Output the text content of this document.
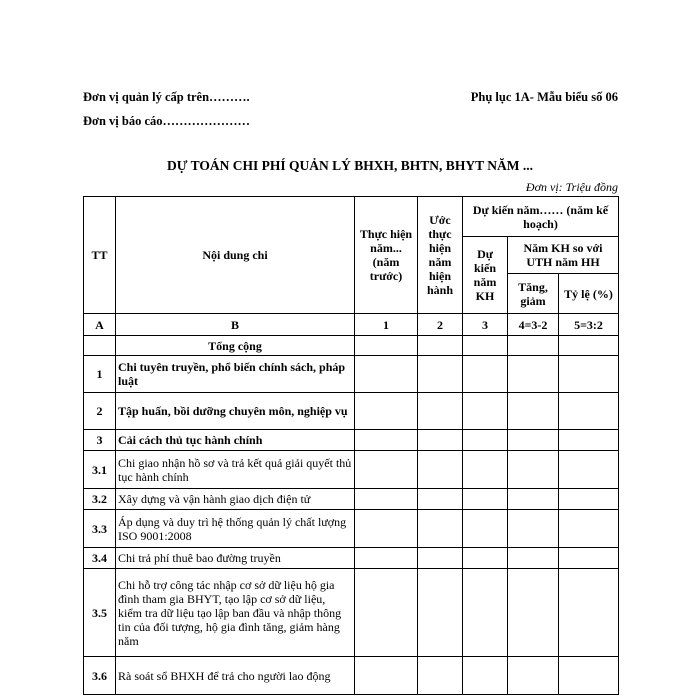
Đơn vị quản lý cấp trên……….
Đơn vị báo cáo…………………
Phụ lục 1A- Mẫu biểu số 06
DỰ TOÁN CHI PHÍ QUẢN LÝ BHXH, BHTN, BHYT NĂM ...
Đơn vị: Triệu đồng
TT	Nội dung chi	Thực hiện năm... (năm trước)	Ước thực hiện năm hiện hành	Dự kiến năm…… (năm kế hoạch)		
				Dự kiến năm KH	Năm KH so với UTH năm HH	
					Tăng, giảm	Tỷ lệ (%)
A	B	1	2	3	4=3-2	5=3:2
	Tổng cộng					
1	Chi tuyên truyền, phổ biến chính sách, pháp luật					
2	Tập huấn, bồi dưỡng chuyên môn, nghiệp vụ					
3	Cải cách thủ tục hành chính					
3.1	Chi giao nhận hồ sơ và trả kết quả giải quyết thủ tục hành chính					
3.2	Xây dựng và vận hành giao dịch điện tử					
3.3	Áp dụng và duy trì hệ thống quản lý chất lượng ISO 9001:2008					
3.4	Chi trả phí thuê bao đường truyền					
3.5	Chi hỗ trợ công tác nhập cơ sở dữ liệu hộ gia đình tham gia BHYT, tạo lập cơ sở dữ liệu, kiểm tra dữ liệu tạo lập ban đầu và nhập thông tin của đối tượng, hộ gia đình tăng, giảm hàng năm					
3.6	Rà soát sổ BHXH để trả cho người lao động					
